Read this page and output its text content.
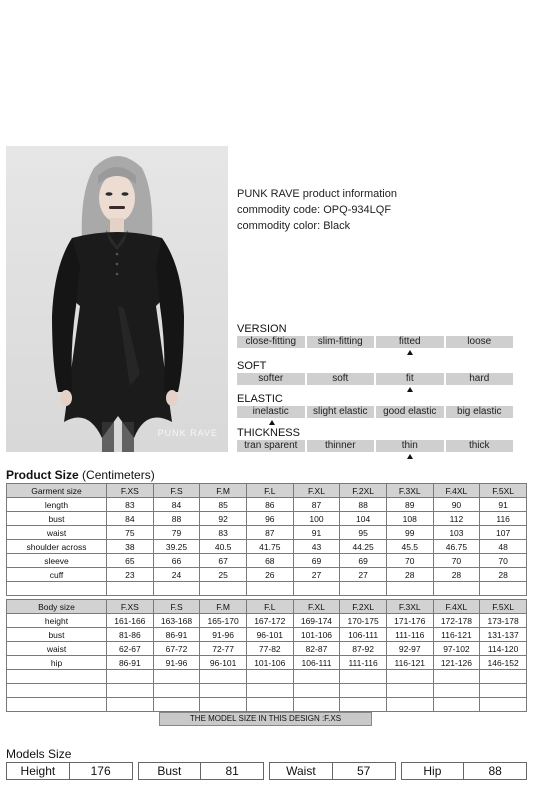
PUNK RAVE
PUNK RAVE product information
commodity code: OPQ-934LQF
commodity color: Black
VERSION
close-fitting	slim-fitting	fitted	loose
SOFT
softer	soft	fit	hard
ELASTIC
inelastic	slight elastic	good elastic	big elastic
THICKNESS
tran sparent	thinner	thin	thick
Product Size (Centimeters)
Garment size	F.XS	F.S	F.M	F.L	F.XL	F.2XL	F.3XL	F.4XL	F.5XL
length	83	84	85	86	87	88	89	90	91
bust	84	88	92	96	100	104	108	112	116
waist	75	79	83	87	91	95	99	103	107
shoulder across	38	39.25	40.5	41.75	43	44.25	45.5	46.75	48
sleeve	65	66	67	68	69	69	70	70	70
cuff	23	24	25	26	27	27	28	28	28

Body size	F.XS	F.S	F.M	F.L	F.XL	F.2XL	F.3XL	F.4XL	F.5XL
height	161-166	163-168	165-170	167-172	169-174	170-175	171-176	172-178	173-178
bust	81-86	86-91	91-96	96-101	101-106	106-111	111-116	116-121	131-137
waist	62-67	67-72	72-77	77-82	82-87	87-92	92-97	97-102	114-120
hip	86-91	91-96	96-101	101-106	106-111	111-116	116-121	121-126	146-152

THE MODEL SIZE IN THIS DESIGN :F.XS
Models Size
Height	176	Bust	81	Waist	57	Hip	88
